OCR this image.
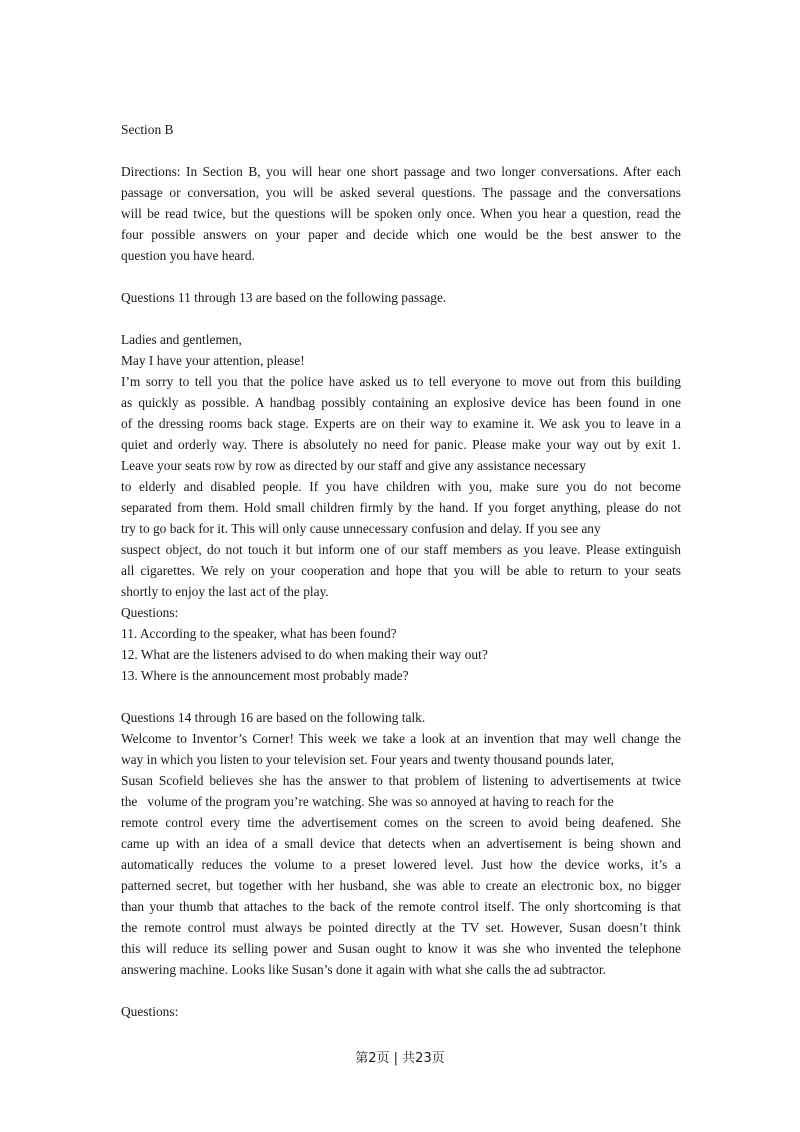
Section B
Directions: In Section B, you will hear one short passage and two longer conversations. After each
passage or conversation, you will be asked several questions. The passage and the conversations
will be read twice, but the questions will be spoken only once. When you hear a question, read the
four possible answers on your paper and decide which one would be the best answer to the
question you have heard.
Questions 11 through 13 are based on the following passage.
Ladies and gentlemen,
May I have your attention, please!
I’m sorry to tell you that the police have asked us to tell everyone to move out from this building
as quickly as possible. A handbag possibly containing an explosive device has been found in one
of the dressing rooms back stage. Experts are on their way to examine it. We ask you to leave in a
quiet and orderly way. There is absolutely no need for panic. Please make your way out by exit 1.
Leave your seats row by row as directed by our staff and give any assistance necessary
to elderly and disabled people. If you have children with you, make sure you do not become
separated from them. Hold small children firmly by the hand. If you forget anything, please do not
try to go back for it. This will only cause unnecessary confusion and delay. If you see any
suspect object, do not touch it but inform one of our staff members as you leave. Please extinguish
all cigarettes. We rely on your cooperation and hope that you will be able to return to your seats
shortly to enjoy the last act of the play.
Questions:
11. According to the speaker, what has been found?
12. What are the listeners advised to do when making their way out?
13. Where is the announcement most probably made?
Questions 14 through 16 are based on the following talk.
Welcome to Inventor’s Corner! This week we take a look at an invention that may well change the
way in which you listen to your television set. Four years and twenty thousand pounds later,
Susan Scofield believes she has the answer to that problem of listening to advertisements at twice
the   volume of the program you’re watching. She was so annoyed at having to reach for the
remote control every time the advertisement comes on the screen to avoid being deafened. She
came up with an idea of a small device that detects when an advertisement is being shown and
automatically reduces the volume to a preset lowered level. Just how the device works, it’s a
patterned secret, but together with her husband, she was able to create an electronic box, no bigger
than your thumb that attaches to the back of the remote control itself. The only shortcoming is that
the remote control must always be pointed directly at the TV set. However, Susan doesn’t think
this will reduce its selling power and Susan ought to know it was she who invented the telephone
answering machine. Looks like Susan’s done it again with what she calls the ad subtractor.
Questions:
第2页 | 共23页
